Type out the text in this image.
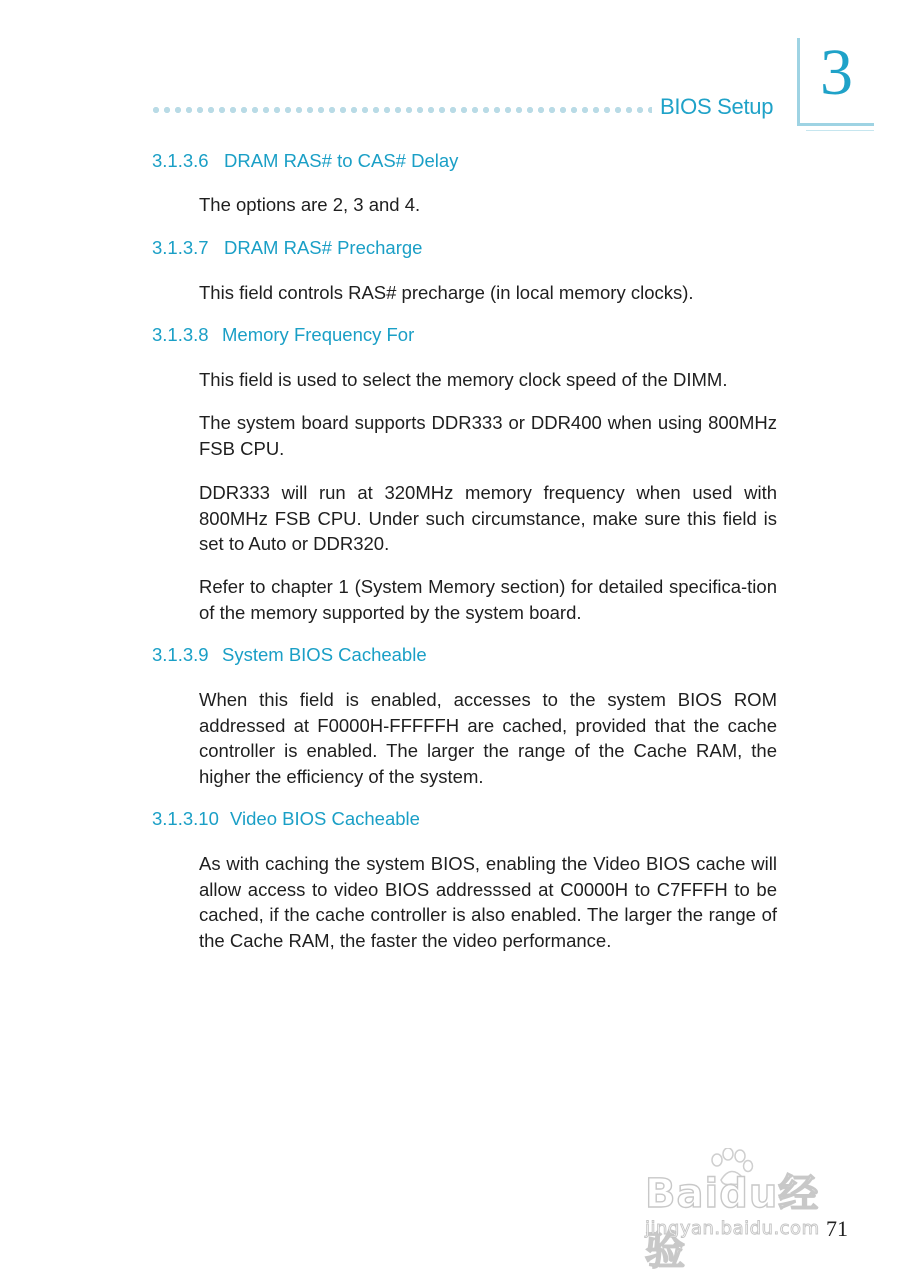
BIOS Setup 3
3.1.3.6 DRAM RAS# to CAS# Delay

The options are 2, 3 and 4.

3.1.3.7 DRAM RAS# Precharge

This field controls RAS# precharge (in local memory clocks).

3.1.3.8 Memory Frequency For

This field is used to select the memory clock speed of the DIMM.

The system board supports DDR333 or DDR400 when using 800MHz FSB CPU.

DDR333 will run at 320MHz memory frequency when used with 800MHz FSB CPU. Under such circumstance, make sure this field is set to Auto or DDR320.

Refer to chapter 1 (System Memory section) for detailed specifica-tion of the memory supported by the system board.

3.1.3.9 System BIOS Cacheable

When this field is enabled, accesses to the system BIOS ROM addressed at F0000H-FFFFFH are cached, provided that the cache controller is enabled. The larger the range of the Cache RAM, the higher the efficiency of the system.

3.1.3.10 Video BIOS Cacheable

As with caching the system BIOS, enabling the Video BIOS cache will allow access to video BIOS addresssed at C0000H to C7FFFH to be cached, if the cache controller is also enabled. The larger the range of the Cache RAM, the faster the video performance.

Baidu经验
jingyan.baidu.com 71
